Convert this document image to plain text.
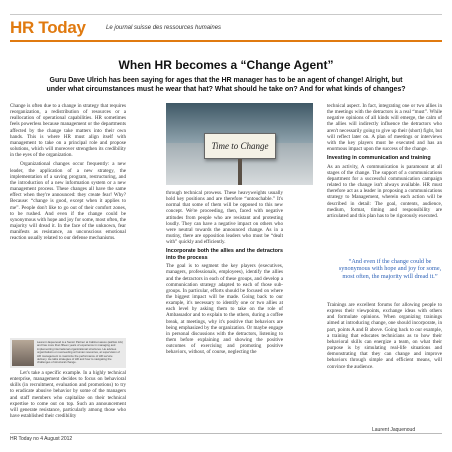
HR Today	Le journal suisse des ressources humaines
When HR becomes a “Change Agent”
Guru Dave Ulrich has been saying for ages that the HR manager has to be an agent of change! Alright, but under what circumstances must he wear that hat? What should he take on? And for what kinds of changes?

Change is often due to a change in strategy that requires reorganization, a redistribution of resources or a reallocation of operational capabilities. HR sometimes feels powerless because management or the departments affected by the change take matters into their own hands. This is where HR must align itself with management to take on a principal role and propose solutions, which will moreover strengthen its credibility in the eyes of the organization.

Organizational changes occur frequently: a new leader, the application of a new strategy, the implementation of a saving program, restructuring, and the introduction of a new information system or a new management process. These changes all have the same effect when they're announced: they create fear! Why? Because: “change is good, except when it applies to me”. People don't like to go out of their comfort zones, to be rushed. And even if the change could be synonymous with hope and joy for some, most often, the majority will dread it. In the face of the unknown, fear manifests as resistance, an unconscious emotional reaction usually related to our defense mechanisms.

Laurent Jaquenoud is a Senior Partner at Cabinet aaxxo (aaNxio AG) and has more than fifteen years of experience in managing and implementing international organizational structures. He advises organizations on succeeding at human resources, at supervision of HR management to maximize the performance of HR service delivery. He talks strategies of HR and how to navigating the challenges of structural change.

Let's take a specific example. In a highly technical enterprise, management decides to focus on behavioral skills (in recruitment, evaluation and promotions) to try to eradicate abusive behavior by some of the managers and staff members who capitalize on their technical expertise to come out on top. Such an announcement will generate resistance, particularly among those who have established their credibility

Time to Change

through technical prowess. These heavyweights usually hold key positions and are therefore “untouchable.” It's normal that some of them will be opposed to this new concept. We're proceeding, then, faced with negative attitudes from people who are resistant and protesting loudly. They can have a negative impact on others who were neutral towards the announced change. As in a mutiny, there are opposition leaders who must be “dealt with” quickly and efficiently.

Incorporate both the allies and the detractors into the process

The goal is to segment the key players (executives, managers, professionals, employees), identify the allies and the detractors in each of these groups, and develop a communication strategy adapted to each of those sub-groups. In particular, efforts should be focused on where the biggest impact will be made. Going back to our example, it's necessary to identify one or two allies at each level by asking them to take on the role of Ambassador and to explain to the others, during a coffee break, at meetings, why it's positive that behaviors are being emphasized by the organization. Or maybe engage in personal discussions with the detractors, listening to them before explaining and showing the positive outcomes of exercising and promoting positive behaviors, without, of course, neglecting the

technical aspect. In fact, integrating one or two allies in the meetings with the detractors is a real “must”. While negative opinions of all kinds will emerge, the calm of the allies will indirectly influence the detractors who aren't necessarily going to give up their (short) fight, but will reflect later on. A plan of meetings or interviews with the key players must be executed and has an enormous impact upon the success of the change.

Investing in communication and training

As an activity, A communication is paramount at all stages of the change. The support of a communications department for a successful communication campaign related to the change isn't always available. HR must therefore act as a leader in proposing a communications strategy to Management, wherein each action will be described in detail: The goal, contents, audience, medium, format, timing and responsibility are articulated and this plan has to be rigorously executed.

“And even if the change could be synonymous with hope and joy for some, most often, the majority will dread it.”

Trainings are excellent forums for allowing people to express their viewpoints, exchange ideas with others and formulate opinions. When organizing trainings aimed at introducing change, one should incorporate, in part, points A and B above. Going back to our example, a training that educates technicians as to how their behavioral skills can energize a team, on what their purpose is by simulating real-life situations and demonstrating that they can change and improve behaviors through simple and efficient means, will convince the audience.

Laurent Jaquenoud
HR Today no 4 August 2012
